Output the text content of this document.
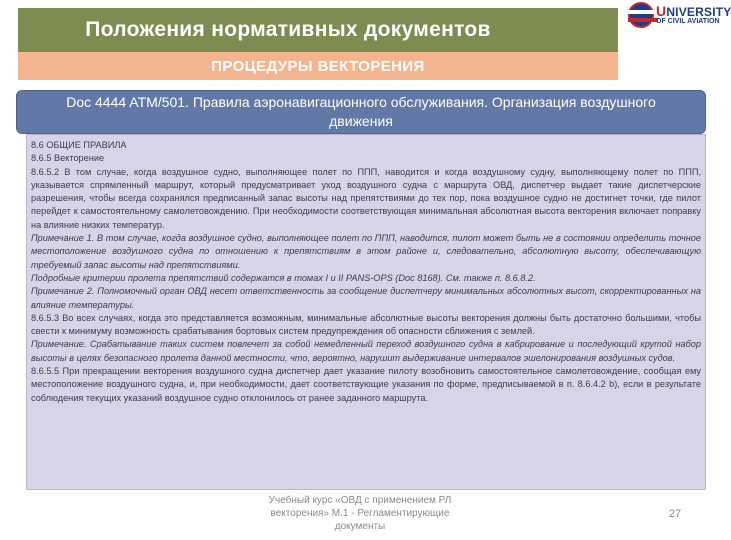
Положения нормативных документов
UNIVERSITY
OF CIVIL AVIATION
ПРОЦЕДУРЫ ВЕКТОРЕНИЯ
Doc 4444 ATM/501. Правила аэронавигационного обслуживания. Организация воздушного движения

8.6 ОБЩИЕ ПРАВИЛА

8.6.5 Векторение

8.6.5.2 В том случае, когда воздушное судно, выполняющее полет по ППП, наводится и когда воздушному судну, выполняющему полет по ППП, указывается спрямленный маршрут, который предусматривает уход воздушного судна с маршрута ОВД, диспетчер выдает такие диспетчерские разрешения, чтобы всегда сохранялся предписанный запас высоты над препятствиями до тех пор, пока воздушное судно не достигнет точки, где пилот перейдет к самостоятельному самолетовождению. При необходимости соответствующая минимальная абсолютная высота векторения включает поправку на влияние низких температур.

Примечание 1. В том случае, когда воздушное судно, выполняющее полет по ППП, наводится, пилот может быть не в состоянии определить точное местоположение воздушного судна по отношению к препятствиям в этом районе и, следовательно, абсолютную высоту, обеспечивающую требуемый запас высоты над препятствиями.

Подробные критерии пролета препятствий содержатся в томах I и II PANS-OPS (Doc 8168). См. также п. 8.6.8.2.

Примечание 2. Полномочный орган ОВД несет ответственность за сообщение диспетчеру минимальных абсолютных высот, скорректированных на влияние температуры.

8.6.5.3 Во всех случаях, когда это представляется возможным, минимальные абсолютные высоты векторения должны быть достаточно большими, чтобы свести к минимуму возможность срабатывания бортовых систем предупреждения об опасности сближения с землей.

Примечание. Срабатывание таких систем повлечет за собой немедленный переход воздушного судна в кабрирование и последующий крутой набор высоты в целях безопасного пролета данной местности, что, вероятно, нарушит выдерживание интервалов эшелонирования воздушных судов.

8.6.5.5 При прекращении векторения воздушного судна диспетчер дает указание пилоту возобновить самостоятельное самолетовождение, сообщая ему местоположение воздушного судна, и, при необходимости, дает соответствующие указания по форме, предписываемой в п. 8.6.4.2 b), если в результате соблюдения текущих указаний воздушное судно отклонилось от ранее заданного маршрута.

Учебный курс «ОВД с применением РЛ
векторения» М.1 - Регламентирующие
документы
27
